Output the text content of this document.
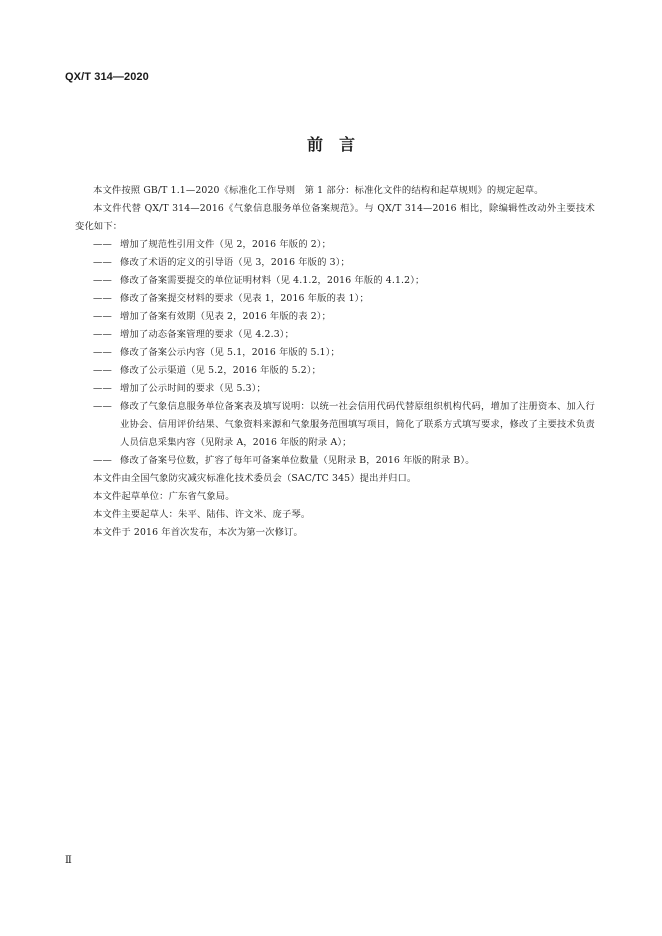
QX/T 314—2020
前　言

本文件按照 GB/T 1.1—2020《标准化工作导则　第 1 部分：标准化文件的结构和起草规则》的规定起草。

本文件代替 QX/T 314—2016《气象信息服务单位备案规范》。与 QX/T 314—2016 相比，除编辑性改动外主要技术变化如下：

—— 增加了规范性引用文件（见 2，2016 年版的 2）；

—— 修改了术语的定义的引导语（见 3，2016 年版的 3）；

—— 修改了备案需要提交的单位证明材料（见 4.1.2，2016 年版的 4.1.2）；

—— 修改了备案提交材料的要求（见表 1，2016 年版的表 1）；

—— 增加了备案有效期（见表 2，2016 年版的表 2）；

—— 增加了动态备案管理的要求（见 4.2.3）；

—— 修改了备案公示内容（见 5.1，2016 年版的 5.1）；

—— 修改了公示渠道（见 5.2，2016 年版的 5.2）；

—— 增加了公示时间的要求（见 5.3）；

—— 修改了气象信息服务单位备案表及填写说明：以统一社会信用代码代替原组织机构代码，增加了注册资本、加入行业协会、信用评价结果、气象资料来源和气象服务范围填写项目，简化了联系方式填写要求，修改了主要技术负责人员信息采集内容（见附录 A，2016 年版的附录 A）；

—— 修改了备案号位数，扩容了每年可备案单位数量（见附录 B，2016 年版的附录 B）。

本文件由全国气象防灾减灾标准化技术委员会（SAC/TC 345）提出并归口。

本文件起草单位：广东省气象局。

本文件主要起草人：朱平、陆伟、许文米、庞子琴。

本文件于 2016 年首次发布，本次为第一次修订。

Ⅱ
